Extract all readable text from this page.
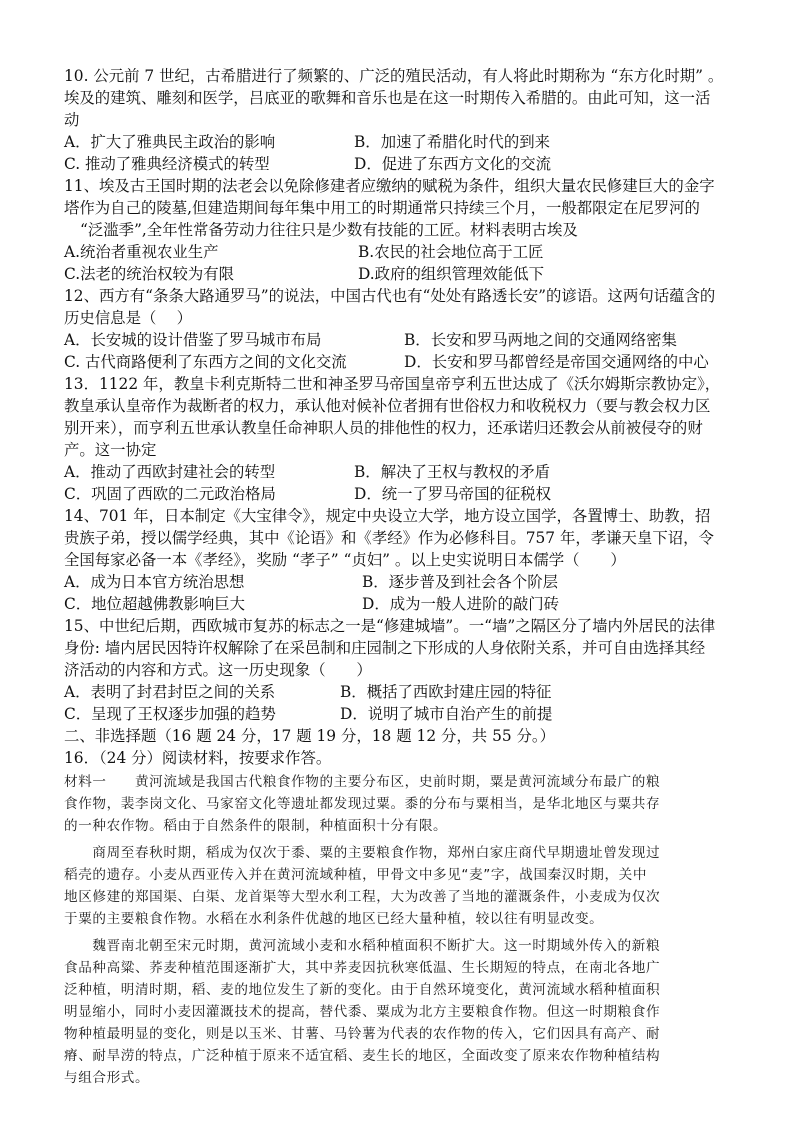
10. 公元前 7 世纪，古希腊进行了频繁的、广泛的殖民活动，有人将此时期称为 “东方化时期” 。
埃及的建筑、雕刻和医学，吕底亚的歌舞和音乐也是在这一时期传入希腊的。由此可知，这一活
动
A．扩大了雅典民主政治的影响	B．加速了希腊化时代的到来
C. 推动了雅典经济模式的转型	D．促进了东西方文化的交流
11、埃及古王国时期的法老会以免除修建者应缴纳的赋税为条件，组织大量农民修建巨大的金字
塔作为自己的陵墓,但建造期间每年集中用工的时期通常只持续三个月，一般都限定在尼罗河的
“泛滥季”,全年性常备劳动力往往只是少数有技能的工匠。材料表明古埃及
A.统治者重视农业生产	B.农民的社会地位高于工匠
C.法老的统治权较为有限	D.政府的组织管理效能低下
12、西方有“条条大路通罗马”的说法，中国古代也有“处处有路透长安”的谚语。这两句话蕴含的
历史信息是（　 ）
A．长安城的设计借鉴了罗马城市布局	B．长安和罗马两地之间的交通网络密集
C. 古代商路便利了东西方之间的文化交流	D．长安和罗马都曾经是帝国交通网络的中心
13．1122 年，教皇卡利克斯特二世和神圣罗马帝国皇帝亨利五世达成了《沃尔姆斯宗教协定》，
教皇承认皇帝作为裁断者的权力，承认他对候补位者拥有世俗权力和收税权力（要与教会权力区
别开来），而亨利五世承认教皇任命神职人员的排他性的权力，还承诺归还教会从前被侵夺的财
产。这一协定
A．推动了西欧封建社会的转型	B．解决了王权与教权的矛盾
C．巩固了西欧的二元政治格局	D．统一了罗马帝国的征税权
14、701 年，日本制定《大宝律令》，规定中央设立大学，地方设立国学，各置博士、助教，招
贵族子弟，授以儒学经典，其中《论语》和《孝经》作为必修科目。757 年，孝谦天皇下诏，令
全国每家必备一本《孝经》，奖励 “孝子” “贞妇” 。以上史实说明日本儒学（　　）
A．成为日本官方统治思想	B．逐步普及到社会各个阶层
C．地位超越佛教影响巨大	D．成为一般人进阶的敲门砖
15、中世纪后期，西欧城市复苏的标志之一是“修建城墙”。一“墙”之隔区分了墙内外居民的法律
身份: 墙内居民因特许权解除了在采邑制和庄园制之下形成的人身依附关系，并可自由选择其经
济活动的内容和方式。这一历史现象（　　）
A．表明了封君封臣之间的关系	B．概括了西欧封建庄园的特征
C．呈现了王权逐步加强的趋势	D．说明了城市自治产生的前提
二、非选择题（16 题 24 分，17 题 19 分，18 题 12 分，共 55 分。）
16．（24 分）阅读材料，按要求作答。
材料一　　黄河流域是我国古代粮食作物的主要分布区，史前时期，粟是黄河流域分布最广的粮
食作物，裴李岗文化、马家窑文化等遗址都发现过粟。黍的分布与粟相当，是华北地区与粟共存
的一种农作物。稻由于自然条件的限制，种植面积十分有限。
　　商周至春秋时期，稻成为仅次于黍、粟的主要粮食作物，郑州白家庄商代早期遗址曾发现过
稻壳的遗存。小麦从西亚传入并在黄河流域种植，甲骨文中多见“麦”字，战国秦汉时期，关中
地区修建的郑国渠、白渠、龙首渠等大型水利工程，大为改善了当地的灌溉条件，小麦成为仅次
于粟的主要粮食作物。水稻在水利条件优越的地区已经大量种植，较以往有明显改变。
　　魏晋南北朝至宋元时期，黄河流域小麦和水稻种植面积不断扩大。这一时期域外传入的新粮
食品种高粱、荞麦种植范围逐渐扩大，其中荞麦因抗秋寒低温、生长期短的特点，在南北各地广
泛种植，明清时期，稻、麦的地位发生了新的变化。由于自然环境变化，黄河流域水稻种植面积
明显缩小，同时小麦因灌溉技术的提高，替代黍、粟成为北方主要粮食作物。但这一时期粮食作
物种植最明显的变化，则是以玉米、甘薯、马铃薯为代表的农作物的传入，它们因具有高产、耐
瘠、耐旱涝的特点，广泛种植于原来不适宜稻、麦生长的地区，全面改变了原来农作物种植结构
与组合形式。
